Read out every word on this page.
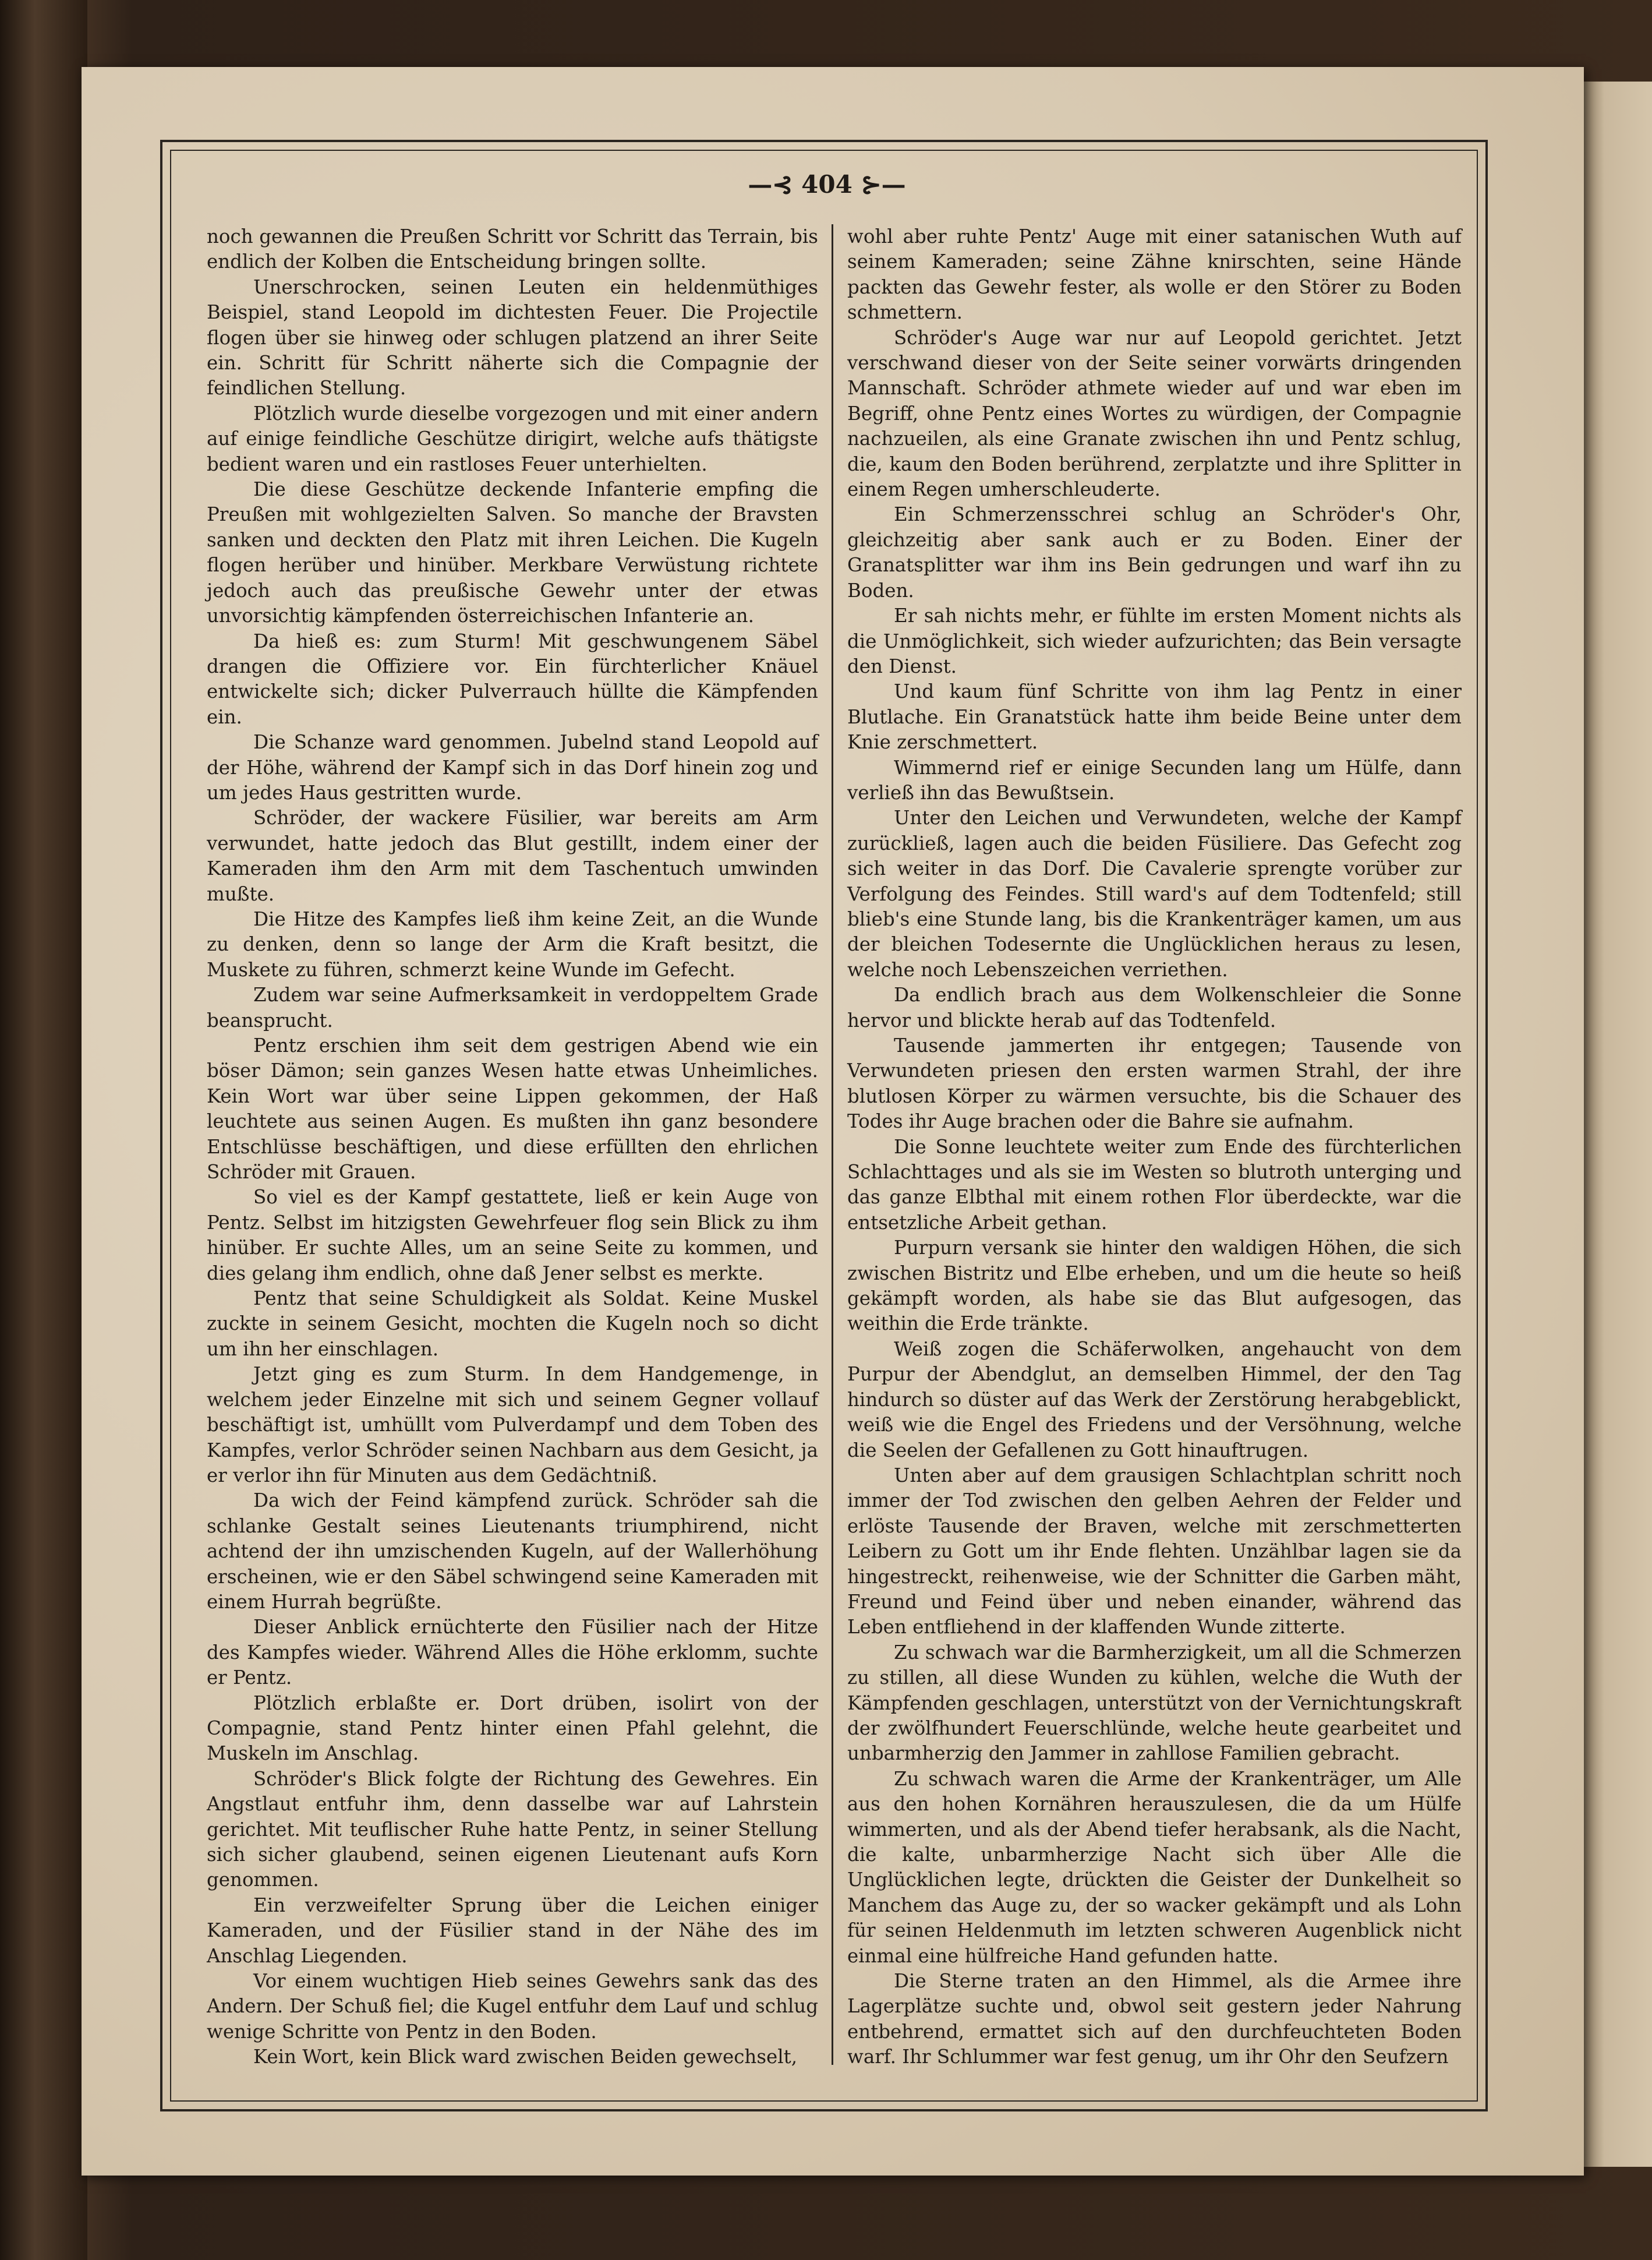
—⊰ 404 ⊱—

noch gewannen die Preußen Schritt vor Schritt das Terrain, bis endlich der Kolben die Entscheidung bringen sollte.

Unerschrocken, seinen Leuten ein heldenmüthiges Beispiel, stand Leopold im dichtesten Feuer. Die Projectile flogen über sie hinweg oder schlugen platzend an ihrer Seite ein. Schritt für Schritt näherte sich die Compagnie der feindlichen Stellung.

Plötzlich wurde dieselbe vorgezogen und mit einer andern auf einige feindliche Geschütze dirigirt, welche aufs thätigste bedient waren und ein rastloses Feuer unterhielten.

Die diese Geschütze deckende Infanterie empfing die Preußen mit wohlgezielten Salven. So manche der Bravsten sanken und deckten den Platz mit ihren Leichen. Die Kugeln flogen herüber und hinüber. Merkbare Verwüstung richtete jedoch auch das preußische Gewehr unter der etwas unvorsichtig kämpfenden österreichischen Infanterie an.

Da hieß es: zum Sturm! Mit geschwungenem Säbel drangen die Offiziere vor. Ein fürchterlicher Knäuel entwickelte sich; dicker Pulverrauch hüllte die Kämpfenden ein.

Die Schanze ward genommen. Jubelnd stand Leopold auf der Höhe, während der Kampf sich in das Dorf hinein zog und um jedes Haus gestritten wurde.

Schröder, der wackere Füsilier, war bereits am Arm verwundet, hatte jedoch das Blut gestillt, indem einer der Kameraden ihm den Arm mit dem Taschentuch umwinden mußte.

Die Hitze des Kampfes ließ ihm keine Zeit, an die Wunde zu denken, denn so lange der Arm die Kraft besitzt, die Muskete zu führen, schmerzt keine Wunde im Gefecht.

Zudem war seine Aufmerksamkeit in verdoppeltem Grade beansprucht.

Pentz erschien ihm seit dem gestrigen Abend wie ein böser Dämon; sein ganzes Wesen hatte etwas Unheimliches. Kein Wort war über seine Lippen gekommen, der Haß leuchtete aus seinen Augen. Es mußten ihn ganz besondere Entschlüsse beschäftigen, und diese erfüllten den ehrlichen Schröder mit Grauen.

So viel es der Kampf gestattete, ließ er kein Auge von Pentz. Selbst im hitzigsten Gewehrfeuer flog sein Blick zu ihm hinüber. Er suchte Alles, um an seine Seite zu kommen, und dies gelang ihm endlich, ohne daß Jener selbst es merkte.

Pentz that seine Schuldigkeit als Soldat. Keine Muskel zuckte in seinem Gesicht, mochten die Kugeln noch so dicht um ihn her einschlagen.

Jetzt ging es zum Sturm. In dem Handgemenge, in welchem jeder Einzelne mit sich und seinem Gegner vollauf beschäftigt ist, umhüllt vom Pulverdampf und dem Toben des Kampfes, verlor Schröder seinen Nachbarn aus dem Gesicht, ja er verlor ihn für Minuten aus dem Gedächtniß.

Da wich der Feind kämpfend zurück. Schröder sah die schlanke Gestalt seines Lieutenants triumphirend, nicht achtend der ihn umzischenden Kugeln, auf der Wallerhöhung erscheinen, wie er den Säbel schwingend seine Kameraden mit einem Hurrah begrüßte.

Dieser Anblick ernüchterte den Füsilier nach der Hitze des Kampfes wieder. Während Alles die Höhe erklomm, suchte er Pentz.

Plötzlich erblaßte er. Dort drüben, isolirt von der Compagnie, stand Pentz hinter einen Pfahl gelehnt, die Muskeln im Anschlag.

Schröder's Blick folgte der Richtung des Gewehres. Ein Angstlaut entfuhr ihm, denn dasselbe war auf Lahrstein gerichtet. Mit teuflischer Ruhe hatte Pentz, in seiner Stellung sich sicher glaubend, seinen eigenen Lieutenant aufs Korn genommen.

Ein verzweifelter Sprung über die Leichen einiger Kameraden, und der Füsilier stand in der Nähe des im Anschlag Liegenden.

Vor einem wuchtigen Hieb seines Gewehrs sank das des Andern. Der Schuß fiel; die Kugel entfuhr dem Lauf und schlug wenige Schritte von Pentz in den Boden.

Kein Wort, kein Blick ward zwischen Beiden gewechselt,

wohl aber ruhte Pentz' Auge mit einer satanischen Wuth auf seinem Kameraden; seine Zähne knirschten, seine Hände packten das Gewehr fester, als wolle er den Störer zu Boden schmettern.

Schröder's Auge war nur auf Leopold gerichtet. Jetzt verschwand dieser von der Seite seiner vorwärts dringenden Mannschaft. Schröder athmete wieder auf und war eben im Begriff, ohne Pentz eines Wortes zu würdigen, der Compagnie nachzueilen, als eine Granate zwischen ihn und Pentz schlug, die, kaum den Boden berührend, zerplatzte und ihre Splitter in einem Regen umherschleuderte.

Ein Schmerzensschrei schlug an Schröder's Ohr, gleichzeitig aber sank auch er zu Boden. Einer der Granatsplitter war ihm ins Bein gedrungen und warf ihn zu Boden.

Er sah nichts mehr, er fühlte im ersten Moment nichts als die Unmöglichkeit, sich wieder aufzurichten; das Bein versagte den Dienst.

Und kaum fünf Schritte von ihm lag Pentz in einer Blutlache. Ein Granatstück hatte ihm beide Beine unter dem Knie zerschmettert.

Wimmernd rief er einige Secunden lang um Hülfe, dann verließ ihn das Bewußtsein.

Unter den Leichen und Verwundeten, welche der Kampf zurückließ, lagen auch die beiden Füsiliere. Das Gefecht zog sich weiter in das Dorf. Die Cavalerie sprengte vorüber zur Verfolgung des Feindes. Still ward's auf dem Todtenfeld; still blieb's eine Stunde lang, bis die Krankenträger kamen, um aus der bleichen Todesernte die Unglücklichen heraus zu lesen, welche noch Lebenszeichen verriethen.

Da endlich brach aus dem Wolkenschleier die Sonne hervor und blickte herab auf das Todtenfeld.

Tausende jammerten ihr entgegen; Tausende von Verwundeten priesen den ersten warmen Strahl, der ihre blutlosen Körper zu wärmen versuchte, bis die Schauer des Todes ihr Auge brachen oder die Bahre sie aufnahm.

Die Sonne leuchtete weiter zum Ende des fürchterlichen Schlachttages und als sie im Westen so blutroth unterging und das ganze Elbthal mit einem rothen Flor überdeckte, war die entsetzliche Arbeit gethan.

Purpurn versank sie hinter den waldigen Höhen, die sich zwischen Bistritz und Elbe erheben, und um die heute so heiß gekämpft worden, als habe sie das Blut aufgesogen, das weithin die Erde tränkte.

Weiß zogen die Schäferwolken, angehaucht von dem Purpur der Abendglut, an demselben Himmel, der den Tag hindurch so düster auf das Werk der Zerstörung herabgeblickt, weiß wie die Engel des Friedens und der Versöhnung, welche die Seelen der Gefallenen zu Gott hinauftrugen.

Unten aber auf dem grausigen Schlachtplan schritt noch immer der Tod zwischen den gelben Aehren der Felder und erlöste Tausende der Braven, welche mit zerschmetterten Leibern zu Gott um ihr Ende flehten. Unzählbar lagen sie da hingestreckt, reihenweise, wie der Schnitter die Garben mäht, Freund und Feind über und neben einander, während das Leben entfliehend in der klaffenden Wunde zitterte.

Zu schwach war die Barmherzigkeit, um all die Schmerzen zu stillen, all diese Wunden zu kühlen, welche die Wuth der Kämpfenden geschlagen, unterstützt von der Vernichtungskraft der zwölfhundert Feuerschlünde, welche heute gearbeitet und unbarmherzig den Jammer in zahllose Familien gebracht.

Zu schwach waren die Arme der Krankenträger, um Alle aus den hohen Kornähren herauszulesen, die da um Hülfe wimmerten, und als der Abend tiefer herabsank, als die Nacht, die kalte, unbarmherzige Nacht sich über Alle die Unglücklichen legte, drückten die Geister der Dunkelheit so Manchem das Auge zu, der so wacker gekämpft und als Lohn für seinen Heldenmuth im letzten schweren Augenblick nicht einmal eine hülfreiche Hand gefunden hatte.

Die Sterne traten an den Himmel, als die Armee ihre Lagerplätze suchte und, obwol seit gestern jeder Nahrung entbehrend, ermattet sich auf den durchfeuchteten Boden warf. Ihr Schlummer war fest genug, um ihr Ohr den Seufzern
